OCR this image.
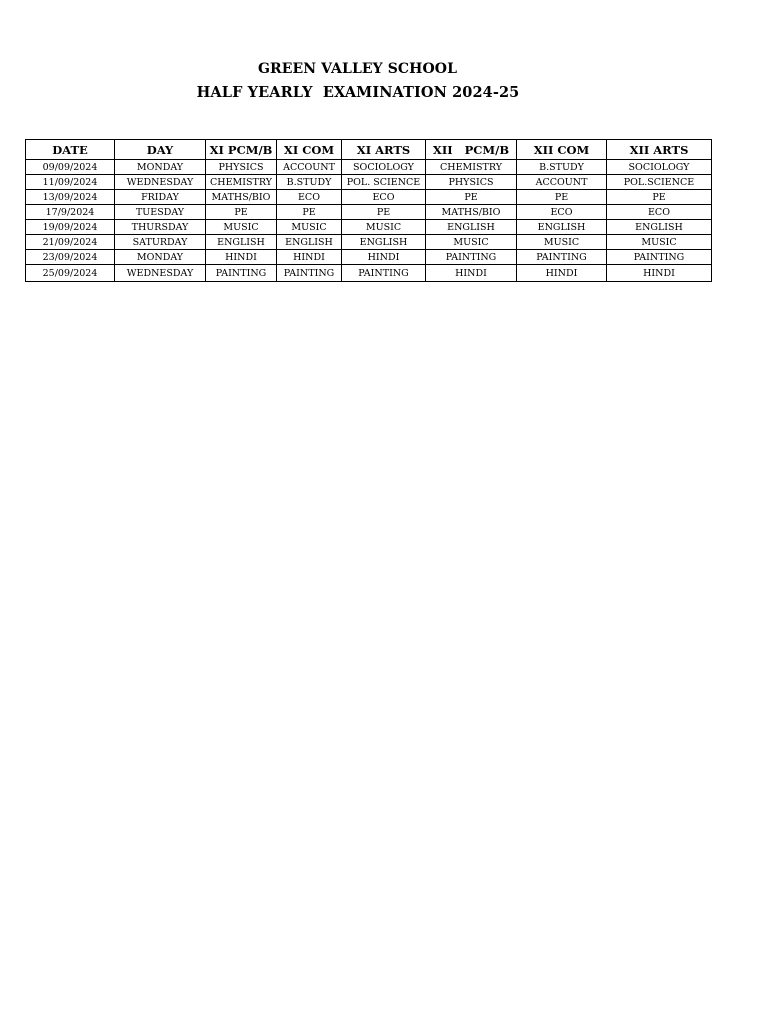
GREEN VALLEY SCHOOL
HALF YEARLY  EXAMINATION 2024-25
DATE	DAY	XI PCM/B	XI COM	XI ARTS	XII   PCM/B	XII COM	XII ARTS
09/09/2024	MONDAY	PHYSICS	ACCOUNT	SOCIOLOGY	CHEMISTRY	B.STUDY	SOCIOLOGY
11/09/2024	WEDNESDAY	CHEMISTRY	B.STUDY	POL. SCIENCE	PHYSICS	ACCOUNT	POL.SCIENCE
13/09/2024	FRIDAY	MATHS/BIO	ECO	ECO	PE	PE	PE
17/9/2024	TUESDAY	PE	PE	PE	MATHS/BIO	ECO	ECO
19/09/2024	THURSDAY	MUSIC	MUSIC	MUSIC	ENGLISH	ENGLISH	ENGLISH
21/09/2024	SATURDAY	ENGLISH	ENGLISH	ENGLISH	MUSIC	MUSIC	MUSIC
23/09/2024	MONDAY	HINDI	HINDI	HINDI	PAINTING	PAINTING	PAINTING
25/09/2024	WEDNESDAY	PAINTING	PAINTING	PAINTING	HINDI	HINDI	HINDI
